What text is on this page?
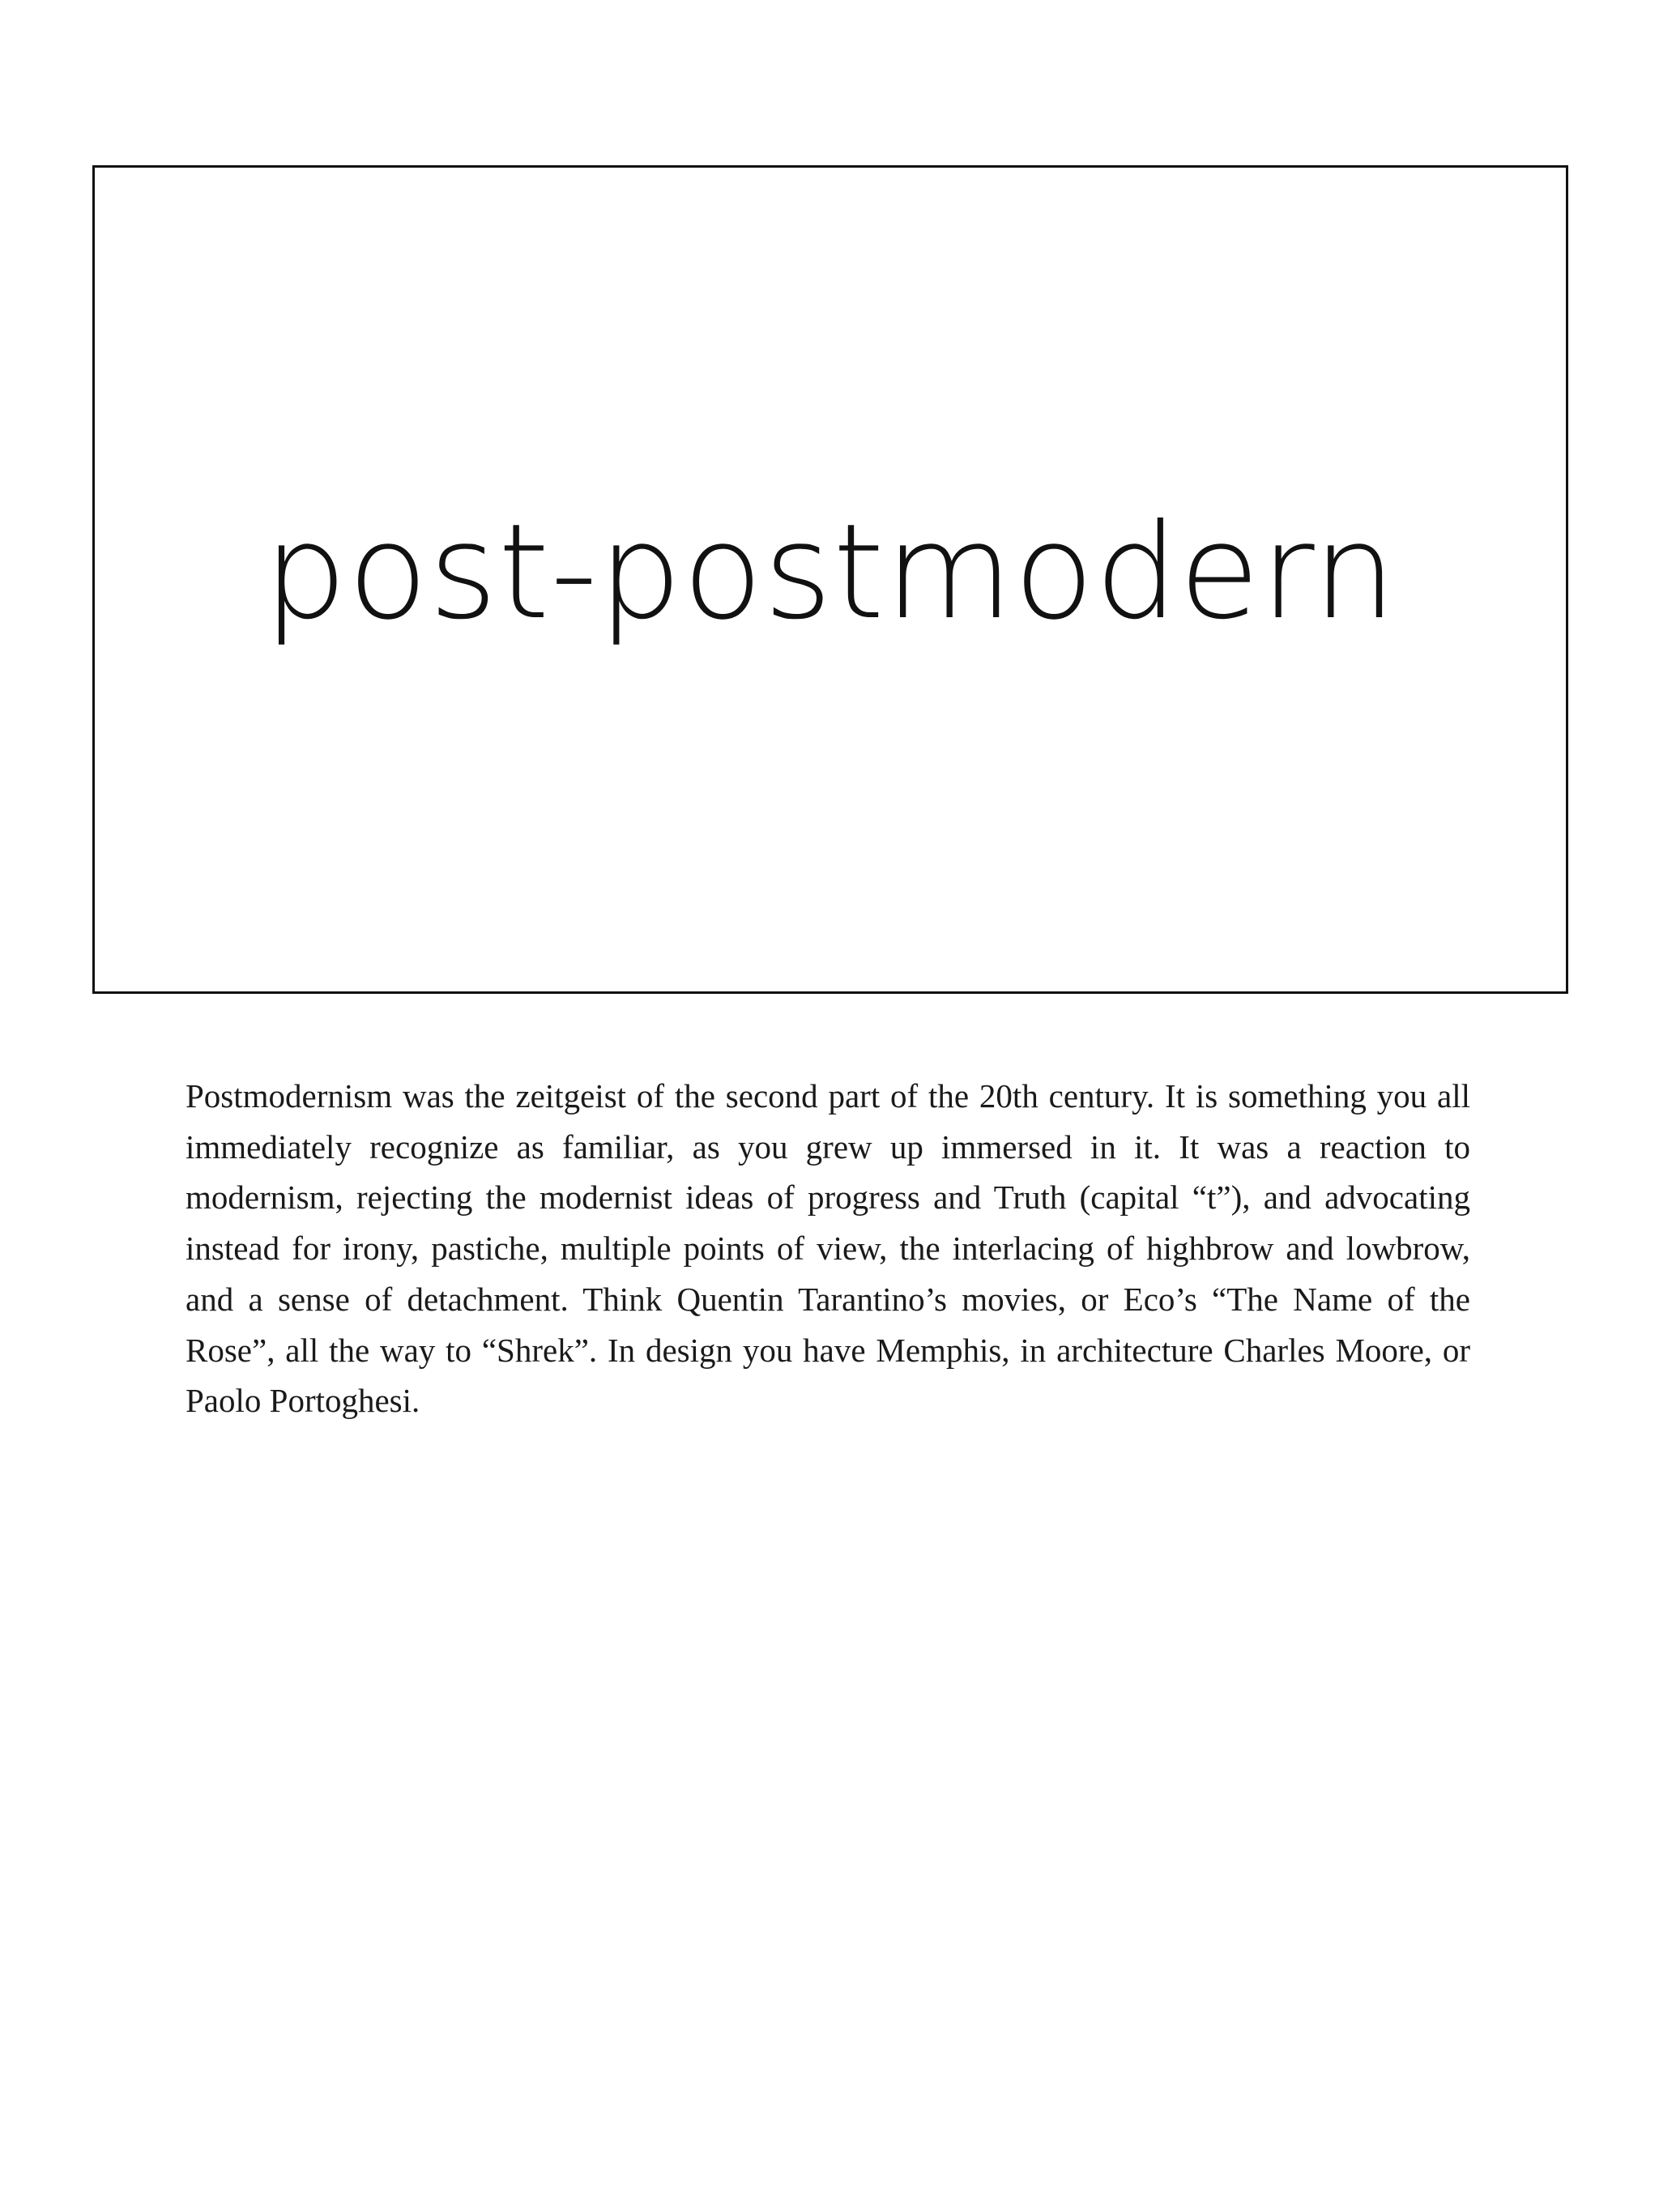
post-postmodern

Postmodernism was the zeitgeist of the second part of the 20th century. It is something you all immediately recognize as familiar, as you grew up immersed in it. It was a reaction to modernism, rejecting the modernist ideas of progress and Truth (capital “t”), and advocating instead for irony, pastiche, multiple points of view, the interlacing of highbrow and lowbrow, and a sense of detachment. Think Quentin Tarantino’s movies, or Eco’s “The Name of the Rose”, all the way to “Shrek”. In design you have Memphis, in architecture Charles Moore, or Paolo Portoghesi.
